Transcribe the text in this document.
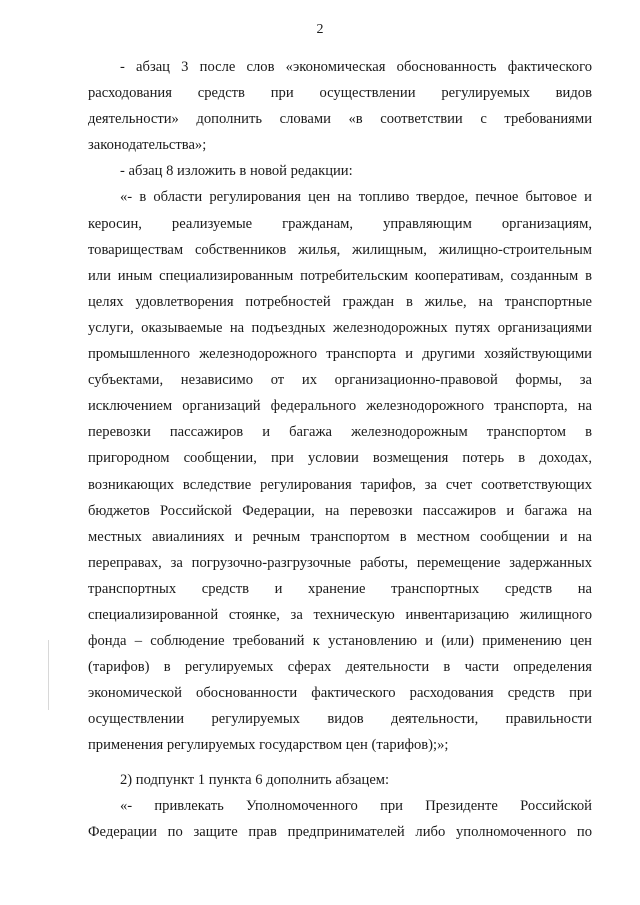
2
- абзац 3 после слов «экономическая обоснованность фактического
расходования средств при осуществлении регулируемых видов
деятельности» дополнить словами «в соответствии с требованиями
законодательства»;
- абзац 8 изложить в новой редакции:
«- в области регулирования цен на топливо твердое, печное бытовое и
керосин, реализуемые гражданам, управляющим организациям,
товариществам собственников жилья, жилищным, жилищно-строительным
или иным специализированным потребительским кооперативам, созданным в
целях удовлетворения потребностей граждан в жилье, на транспортные
услуги, оказываемые на подъездных железнодорожных путях организациями
промышленного железнодорожного транспорта и другими хозяйствующими
субъектами, независимо от их организационно-правовой формы, за
исключением организаций федерального железнодорожного транспорта, на
перевозки пассажиров и багажа железнодорожным транспортом в
пригородном сообщении, при условии возмещения потерь в доходах,
возникающих вследствие регулирования тарифов, за счет соответствующих
бюджетов Российской Федерации, на перевозки пассажиров и багажа на
местных авиалиниях и речным транспортом в местном сообщении и на
переправах, за погрузочно-разгрузочные работы, перемещение задержанных
транспортных средств и хранение транспортных средств на
специализированной стоянке, за техническую инвентаризацию жилищного
фонда – соблюдение требований к установлению и (или) применению цен
(тарифов) в регулируемых сферах деятельности в части определения
экономической обоснованности фактического расходования средств при
осуществлении регулируемых видов деятельности, правильности
применения регулируемых государством цен (тарифов);»;
2) подпункт 1 пункта 6 дополнить абзацем:
«- привлекать Уполномоченного при Президенте Российской
Федерации по защите прав предпринимателей либо уполномоченного по
